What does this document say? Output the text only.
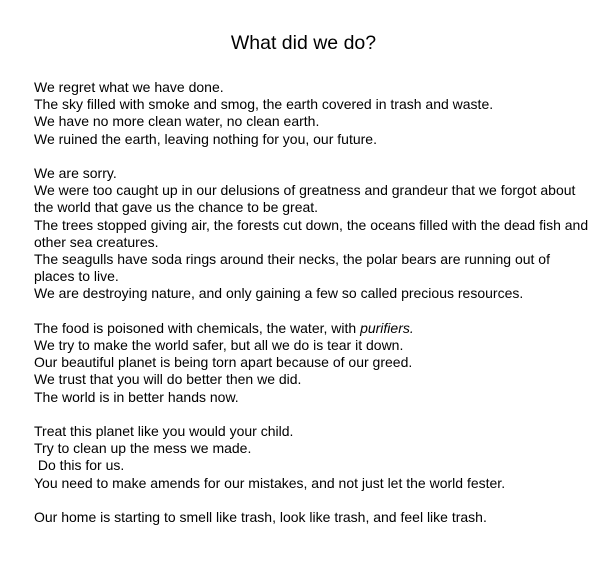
What did we do?
We regret what we have done.
The sky filled with smoke and smog, the earth covered in trash and waste.
We have no more clean water, no clean earth.
We ruined the earth, leaving nothing for you, our future.
We are sorry.
We were too caught up in our delusions of greatness and grandeur that we forgot about the world that gave us the chance to be great.
The trees stopped giving air, the forests cut down, the oceans filled with the dead fish and other sea creatures.
The seagulls have soda rings around their necks, the polar bears are running out of places to live.
We are destroying nature, and only gaining a few so called precious resources.
The food is poisoned with chemicals, the water, with purifiers.
We try to make the world safer, but all we do is tear it down.
Our beautiful planet is being torn apart because of our greed.
We trust that you will do better then we did.
The world is in better hands now.
Treat this planet like you would your child.
Try to clean up the mess we made.
Do this for us.
You need to make amends for our mistakes, and not just let the world fester.
Our home is starting to smell like trash, look like trash, and feel like trash.
